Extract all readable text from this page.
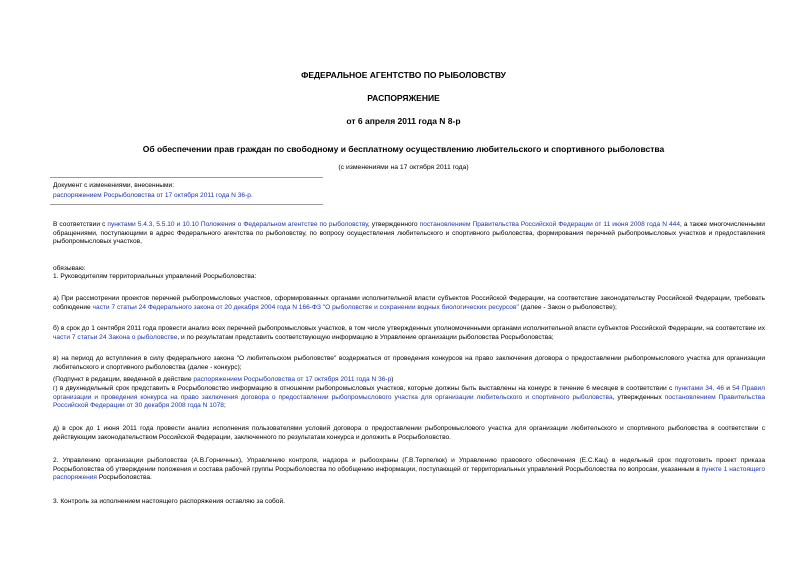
ФЕДЕРАЛЬНОЕ АГЕНТСТВО ПО РЫБОЛОВСТВУ
РАСПОРЯЖЕНИЕ
от 6 апреля 2011 года N 8-р
Об обеспечении прав граждан по свободному и бесплатному осуществлению любительского и спортивного рыболовства
(с изменениями на 17 октября 2011 года)
Документ с изменениями, внесенными:
распоряжением Росрыболовства от 17 октября 2011 года N 36-р.
В соответствии с пунктами 5.4.3, 5.5.10 и 10.10 Положения о Федеральном агентстве по рыболовству, утвержденного постановлением Правительства Российской Федерации от 11 июня 2008 года N 444, а также многочисленными обращениями, поступающими в адрес Федерального агентства по рыболовству, по вопросу осуществления любительского и спортивного рыболовства, формирования перечней рыбопромысловых участков и предоставления рыбопромысловых участков,
обязываю:
1. Руководителям территориальных управлений Росрыболовства:
а) При рассмотрении проектов перечней рыбопромысловых участков, сформированных органами исполнительной власти субъектов Российской Федерации, на соответствие законодательству Российской Федерации, требовать соблюдение части 7 статьи 24 Федерального закона от 20 декабря 2004 года N 166-ФЗ "О рыболовстве и сохранении водных биологических ресурсов" (далее - Закон о рыболовстве);
б) в срок до 1 сентября 2011 года провести анализ всех перечней рыбопромысловых участков, в том числе утвержденных уполномоченными органами исполнительной власти субъектов Российской Федерации, на соответствие их части 7 статьи 24 Закона о рыболовстве, и по результатам представить соответствующую информацию в Управление организации рыболовства Росрыболовства;
в) на период до вступления в силу федерального закона "О любительском рыболовстве" воздержаться от проведения конкурсов на право заключения договора о предоставлении рыбопромыслового участка для организации любительского и спортивного рыболовства (далее - конкурс);
(Подпункт в редакции, введенной в действие распоряжением Росрыболовства от 17 октября 2011 года N 36-р)
г) в двухнедельный срок представить в Росрыболовство информацию в отношении рыбопромысловых участков, которые должны быть выставлены на конкурс в течение 6 месяцев в соответствии с пунктами 34, 46 и 54 Правил организации и проведения конкурса на право заключения договора о предоставлении рыбопромыслового участка для организации любительского и спортивного рыболовства, утвержденных постановлением Правительства Российской Федерации от 30 декабря 2008 года N 1078;
д) в срок до 1 июня 2011 года провести анализ исполнения пользователями условий договора о предоставлении рыбопромыслового участка для организации любительского и спортивного рыболовства в соответствии с действующим законодательством Российской Федерации, заключенного по результатам конкурса и доложить в Росрыболовство.
2. Управлению организации рыболовства (А.В.Горничных), Управлению контроля, надзора и рыбоохраны (Г.В.Терпелюк) и Управлению правового обеспечения (Е.С.Кац) в недельный срок подготовить проект приказа Росрыболовства об утверждении положения и состава рабочей группы Росрыболовства по обобщению информации, поступающей от территориальных управлений Росрыболовства по вопросам, указанным в пункте 1 настоящего распоряжения Росрыболовства.
3. Контроль за исполнением настоящего распоряжения оставляю за собой.
